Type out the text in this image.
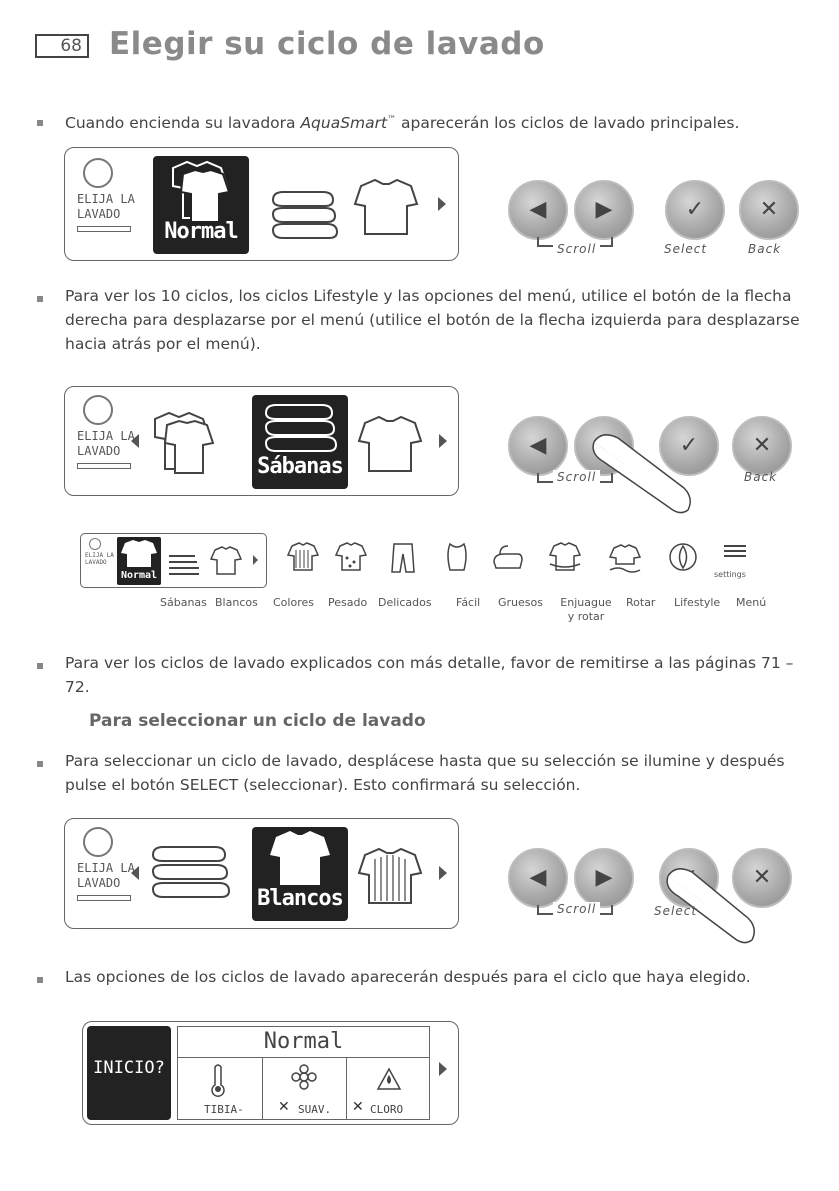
68 Elegir su ciclo de lavado
Cuando encienda su lavadora AquaSmart™ aparecerán los ciclos de lavado principales.
ELIJA LA
LAVADO
Normal
◀	▶	✓	✕
Scroll	Select	Back
Para ver los 10 ciclos, los ciclos Lifestyle y las opciones del menú, utilice el botón de la flecha derecha para desplazarse por el menú (utilice el botón de la flecha izquierda para desplazarse hacia atrás por el menú).
ELIJA LA
LAVADO
Sábanas
◀	✓	✕
Scroll	Back
ELIJA LA
LAVADO
Normal	settings
Sábanas Blancos Colores Pesado Delicados Fácil Gruesos	Enjuague y rotar
Rotar Lifestyle Menú
Para ver los ciclos de lavado explicados con más detalle, favor de remitirse a las páginas 71 – 72.
Para seleccionar un ciclo de lavado
Para seleccionar un ciclo de lavado, desplácese hasta que su selección se ilumine y después pulse el botón SELECT (seleccionar). Esto confirmará su selección.
ELIJA LA
LAVADO
Blancos
◀	▶	✕
Scroll	Select
Las opciones de los ciclos de lavado aparecerán después para el ciclo que haya elegido.
INICIO?
Normal
TIBIA- ✕ SUAV. ✕ CLORO
